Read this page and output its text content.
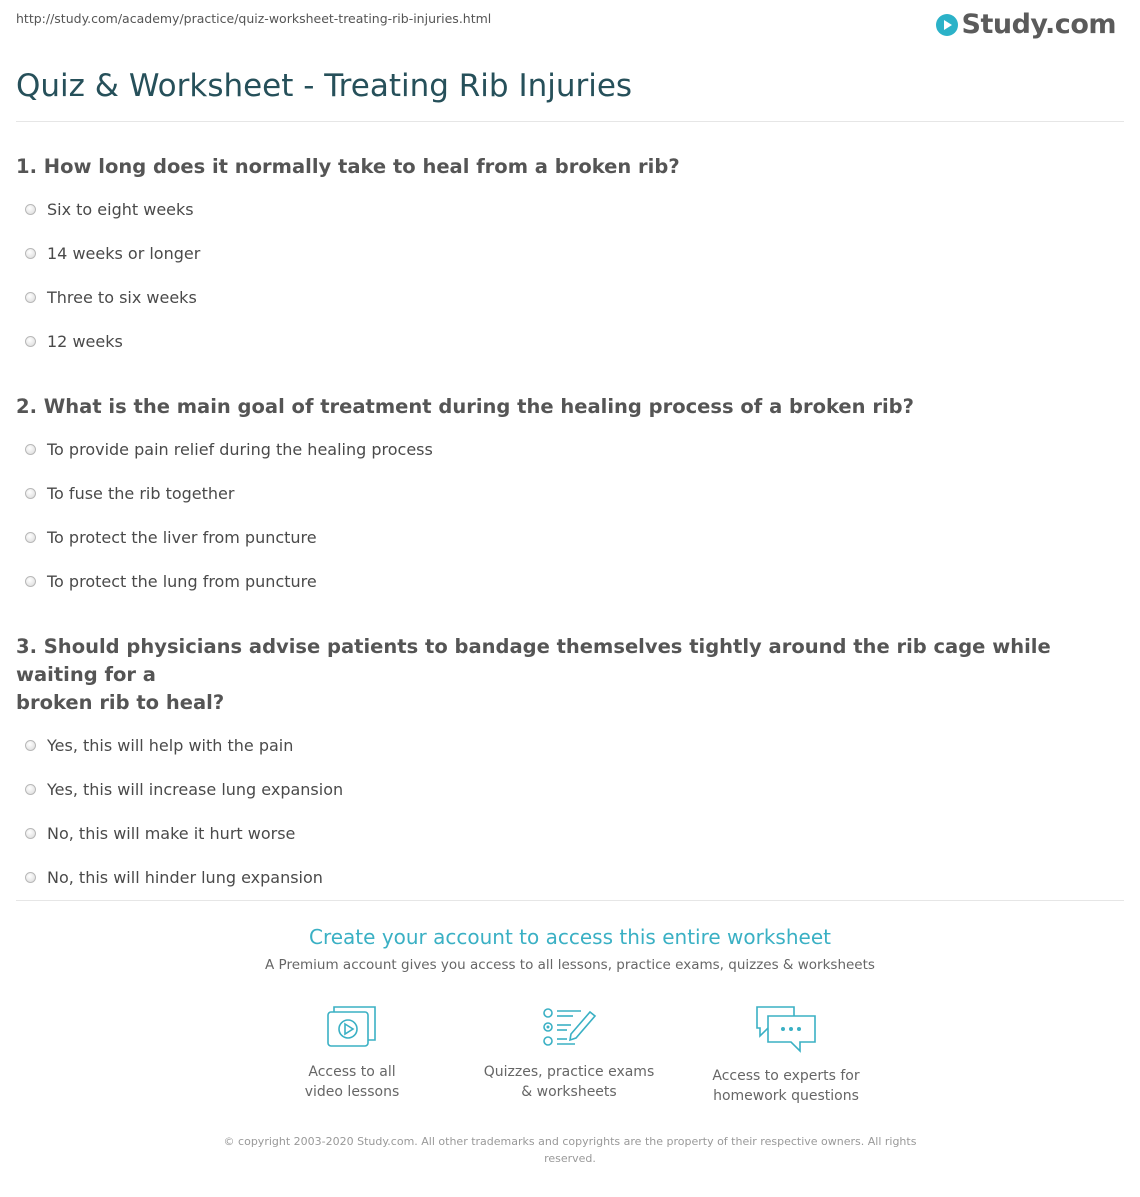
http://study.com/academy/practice/quiz-worksheet-treating-rib-injuries.html	Study.com
Quiz & Worksheet - Treating Rib Injuries

1. How long does it normally take to heal from a broken rib?

Six to eight weeks
14 weeks or longer
Three to six weeks
12 weeks

2. What is the main goal of treatment during the healing process of a broken rib?

To provide pain relief during the healing process
To fuse the rib together
To protect the liver from puncture
To protect the lung from puncture

3. Should physicians advise patients to bandage themselves tightly around the rib cage while waiting for a
broken rib to heal?

Yes, this will help with the pain
Yes, this will increase lung expansion
No, this will make it hurt worse
No, this will hinder lung expansion
Create your account to access this entire worksheet
A Premium account gives you access to all lessons, practice exams, quizzes & worksheets
Access to all
video lessons
Quizzes, practice exams
& worksheets
Access to experts for
homework questions
© copyright 2003-2020 Study.com. All other trademarks and copyrights are the property of their respective owners. All rights
reserved.
